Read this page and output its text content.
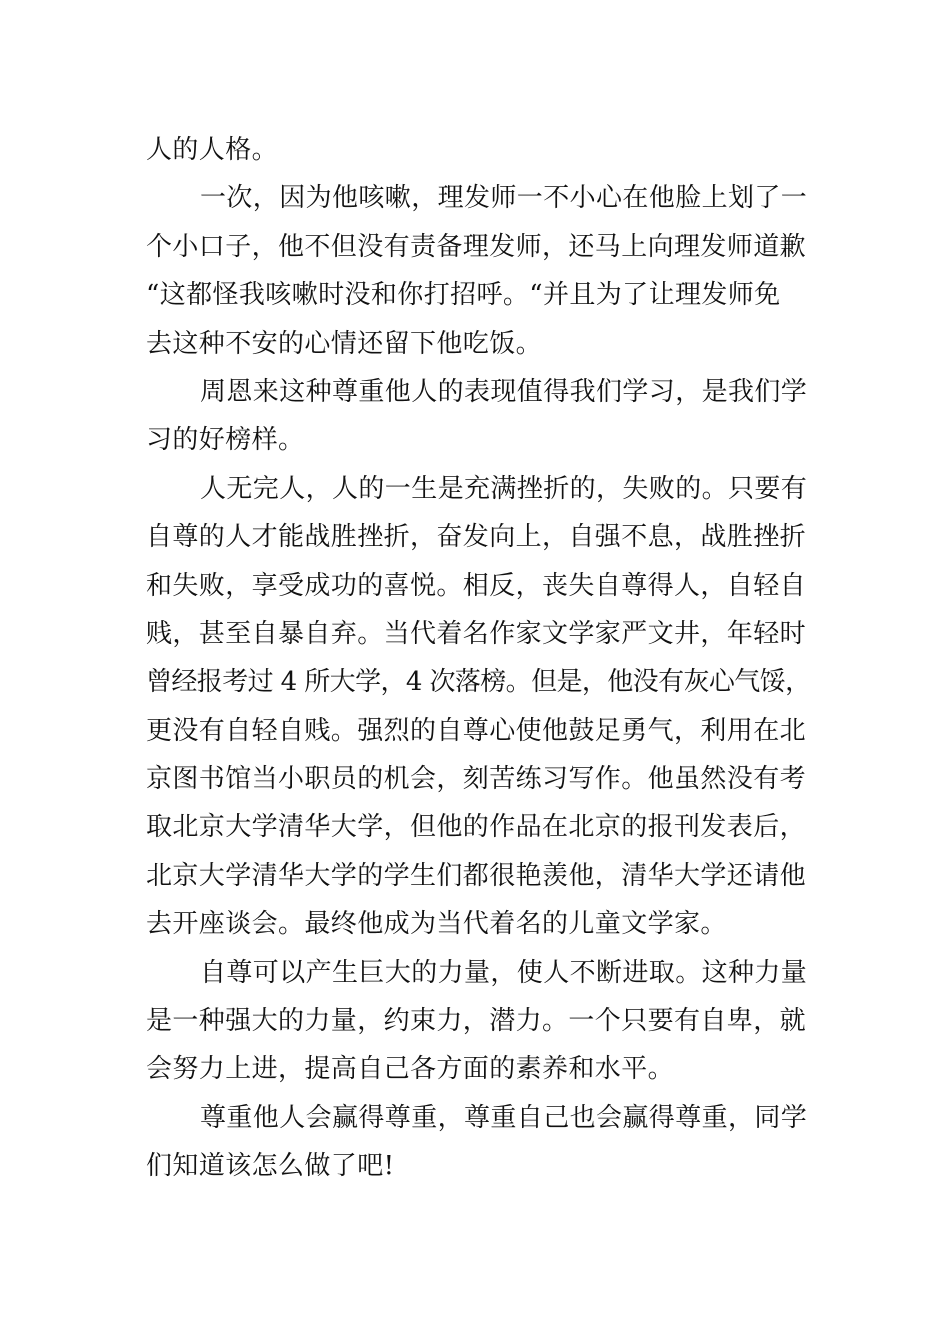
人的人格。
一次，因为他咳嗽，理发师一不小心在他脸上划了一
个小口子，他不但没有责备理发师，还马上向理发师道歉
“这都怪我咳嗽时没和你打招呼。“并且为了让理发师免
去这种不安的心情还留下他吃饭。
周恩来这种尊重他人的表现值得我们学习，是我们学
习的好榜样。
人无完人，人的一生是充满挫折的，失败的。只要有
自尊的人才能战胜挫折，奋发向上，自强不息，战胜挫折
和失败，享受成功的喜悦。相反，丧失自尊得人，自轻自
贱，甚至自暴自弃。当代着名作家文学家严文井，年轻时
曾经报考过 4 所大学，4 次落榜。但是，他没有灰心气馁，
更没有自轻自贱。强烈的自尊心使他鼓足勇气，利用在北
京图书馆当小职员的机会，刻苦练习写作。他虽然没有考
取北京大学清华大学，但他的作品在北京的报刊发表后，
北京大学清华大学的学生们都很艳羡他，清华大学还请他
去开座谈会。最终他成为当代着名的儿童文学家。
自尊可以产生巨大的力量，使人不断进取。这种力量
是一种强大的力量，约束力，潜力。一个只要有自卑，就
会努力上进，提高自己各方面的素养和水平。
尊重他人会赢得尊重，尊重自己也会赢得尊重，同学
们知道该怎么做了吧!
